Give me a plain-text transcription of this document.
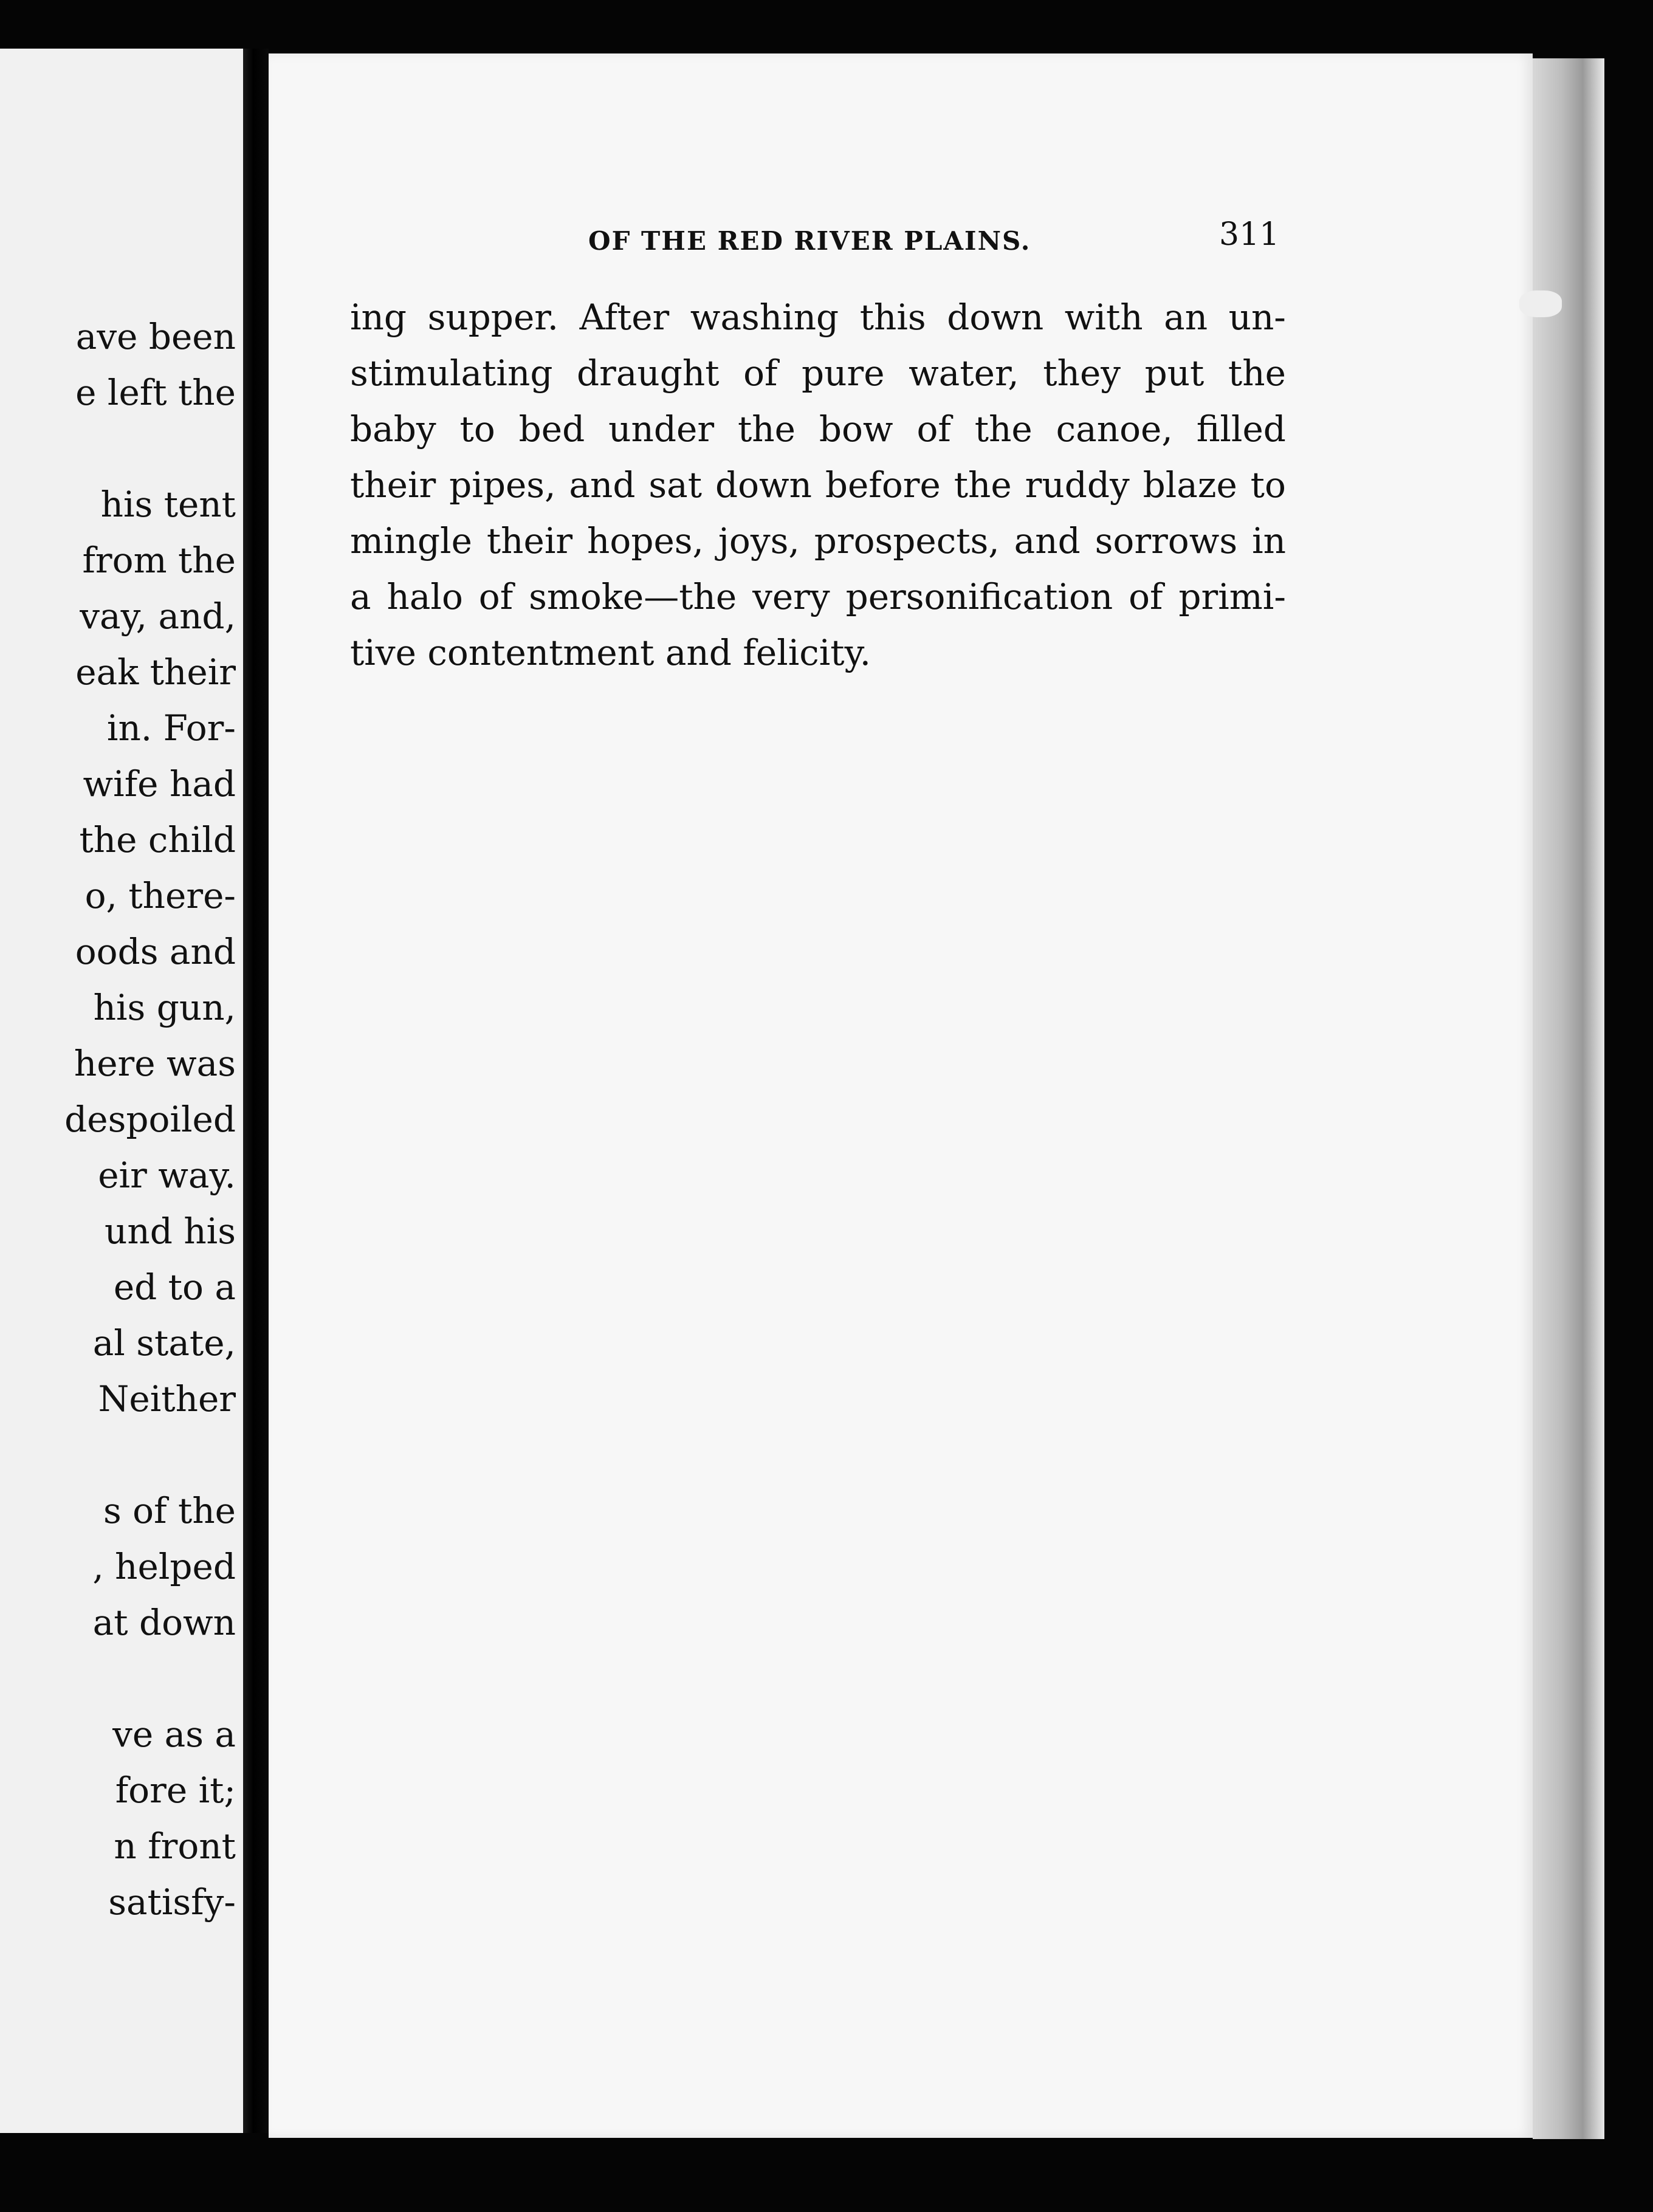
ave been
e left the
his tent
from the
vay, and,
eak their
in. For-
wife had
the child
o, there-
oods and
his gun,
here was
despoiled
eir way.
und his
ed to a
al state,
Neither
s of the
, helped
at down
ve as a
fore it;
n front
satisfy-
OF THE RED RIVER PLAINS.	311
ing supper. After washing this down with an un-
stimulating draught of pure water, they put the
baby to bed under the bow of the canoe, filled
their pipes, and sat down before the ruddy blaze to
mingle their hopes, joys, prospects, and sorrows in
a halo of smoke—the very personification of primi-
tive contentment and felicity.
